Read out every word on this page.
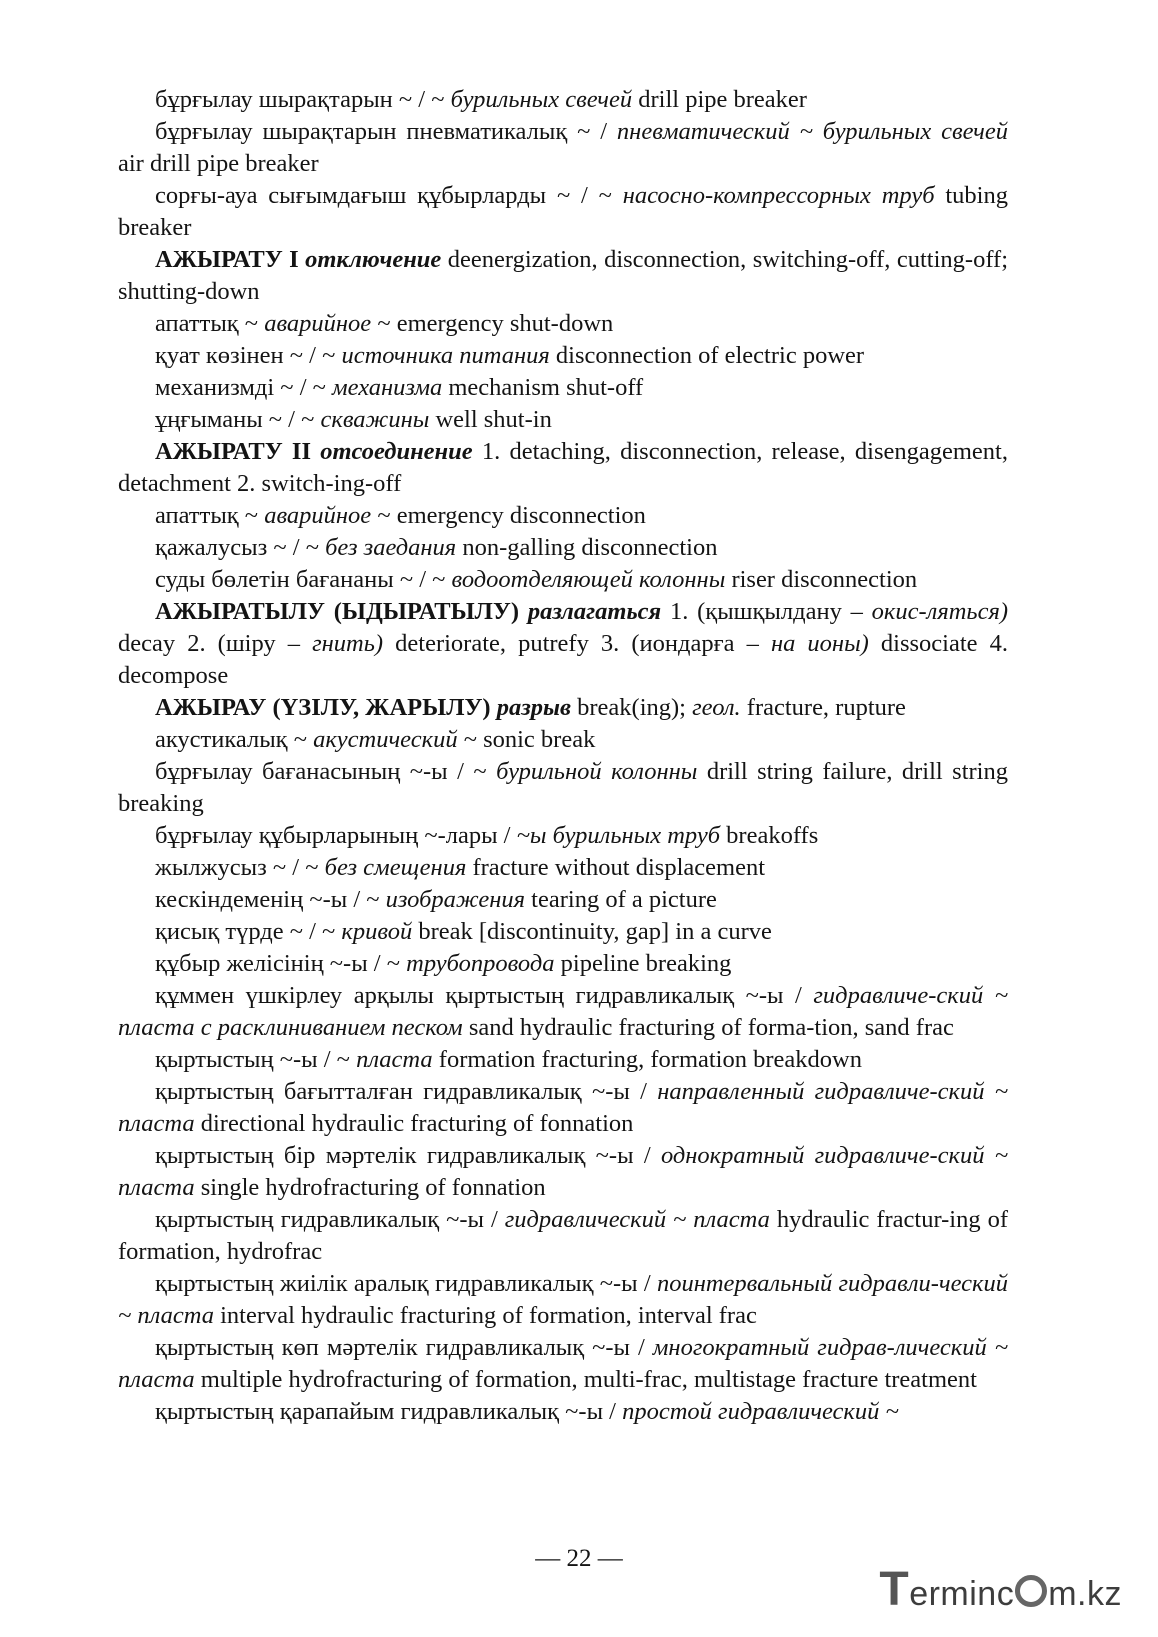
бұрғылау шырақтарын ~ / ~ бурильных свечей drill pipe breaker

бұрғылау шырақтарын пневматикалық ~ / пневматический ~ бурильных свечей air drill pipe breaker

сорғы-ауа сығымдағыш құбырларды ~ / ~ насосно-компрессорных труб tubing breaker

АЖЫРАТУ I отключение deenergization, disconnection, switching-off, cutting-off; shutting-down

апаттық ~ аварийное ~ emergency shut-down

қуат көзінен ~ / ~ источника питания disconnection of electric power

механизмді ~ / ~ механизма mechanism shut-off

ұңғыманы ~ / ~ скважины well shut-in

АЖЫРАТУ II отсоединение 1. detaching, disconnection, release, disengagement, detachment 2. switch-ing-off

апаттық ~ аварийное ~ emergency disconnection

қажалусыз ~ / ~ без заедания non-galling disconnection

суды бөлетін бағананы ~ / ~ водоотделяющей колонны riser disconnection

АЖЫРАТЫЛУ (ЫДЫРАТЫЛУ) разлагаться 1. (қышқылдану – окис-ляться) decay 2. (шіру – гнить) deteriorate, putrefy 3. (иондарға – на ионы) dissociate 4. decompose

АЖЫРАУ (ҮЗІЛУ, ЖАРЫЛУ) разрыв break(ing); геол. fracture, rupture

акустикалық ~ акустический ~ sonic break

бұрғылау бағанасының ~-ы / ~ бурильной колонны drill string failure, drill string breaking

бұрғылау құбырларының ~-лары / ~ы бурильных труб breakoffs

жылжусыз ~ / ~ без смещения fracture without displacement

кескіндеменің ~-ы / ~ изображения tearing of a picture

қисық түрде ~ / ~ кривой break [discontinuity, gap] in a curve

құбыр желісінің ~-ы / ~ трубопровода pipeline breaking

құммен үшкірлеу арқылы қыртыстың гидравликалық ~-ы / гидравличе-ский ~ пласта с расклиниванием песком sand hydraulic fracturing of forma-tion, sand frac

қыртыстың ~-ы / ~ пласта formation fracturing, formation breakdown

қыртыстың бағытталған гидравликалық ~-ы / направленный гидравличе-ский ~ пласта directional hydraulic fracturing of fonnation

қыртыстың бір мәртелік гидравликалық ~-ы / однократный гидравличе-ский ~ пласта single hydrofracturing of fonnation

қыртыстың гидравликалық ~-ы / гидравлический ~ пласта hydraulic fractur-ing of formation, hydrofrac

қыртыстың жиілік аралық гидравликалық ~-ы / поинтервальный гидравли-ческий ~ пласта interval hydraulic fracturing of formation, interval frac

қыртыстың көп мәртелік гидравликалық ~-ы / многократный гидрав-лический ~ пласта multiple hydrofracturing of formation, multi-frac, multistage fracture treatment

қыртыстың қарапайым гидравликалық ~-ы / простой гидравлический ~

— 22 —
Terminc m.kz
